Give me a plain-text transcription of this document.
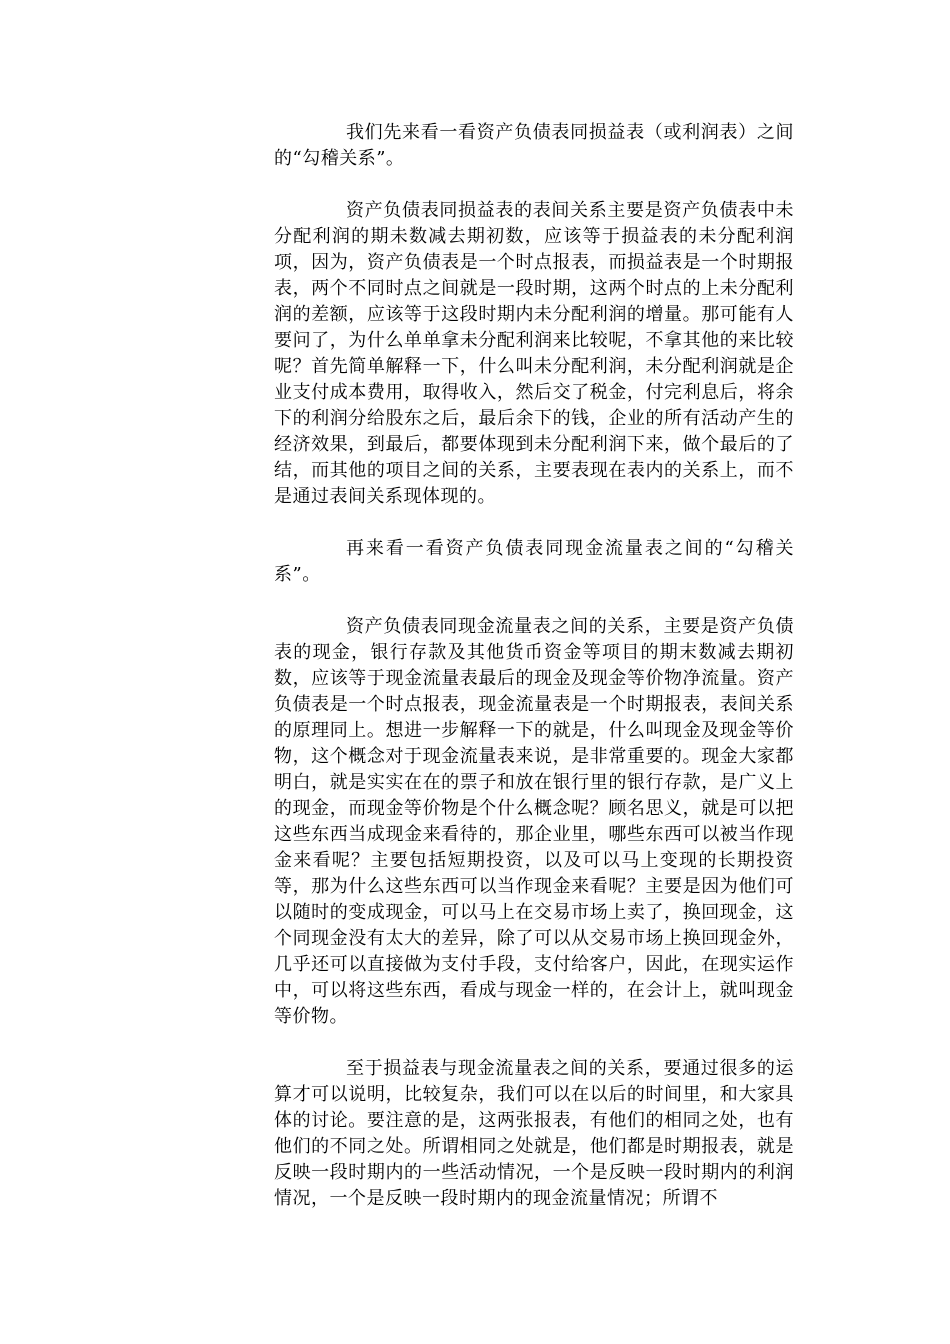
我们先来看一看资产负债表同损益表（或利润表）之间的“勾稽关系”。

资产负债表同损益表的表间关系主要是资产负债表中未分配利润的期未数减去期初数，应该等于损益表的未分配利润项，因为，资产负债表是一个时点报表，而损益表是一个时期报表，两个不同时点之间就是一段时期，这两个时点的上未分配利润的差额，应该等于这段时期内未分配利润的增量。那可能有人要问了，为什么单单拿未分配利润来比较呢，不拿其他的来比较呢？首先简单解释一下，什么叫未分配利润，未分配利润就是企业支付成本费用，取得收入，然后交了税金，付完利息后，将余下的利润分给股东之后，最后余下的钱，企业的所有活动产生的经济效果，到最后，都要体现到未分配利润下来，做个最后的了结，而其他的项目之间的关系，主要表现在表内的关系上，而不是通过表间关系现体现的。

再来看一看资产负债表同现金流量表之间的“勾稽关系”。

资产负债表同现金流量表之间的关系，主要是资产负债表的现金，银行存款及其他货币资金等项目的期末数减去期初数，应该等于现金流量表最后的现金及现金等价物净流量。资产负债表是一个时点报表，现金流量表是一个时期报表，表间关系的原理同上。想进一步解释一下的就是，什么叫现金及现金等价物，这个概念对于现金流量表来说，是非常重要的。现金大家都明白，就是实实在在的票子和放在银行里的银行存款，是广义上的现金，而现金等价物是个什么概念呢？顾名思义，就是可以把这些东西当成现金来看待的，那企业里，哪些东西可以被当作现金来看呢？主要包括短期投资，以及可以马上变现的长期投资等，那为什么这些东西可以当作现金来看呢？主要是因为他们可以随时的变成现金，可以马上在交易市场上卖了，换回现金，这个同现金没有太大的差异，除了可以从交易市场上换回现金外，几乎还可以直接做为支付手段，支付给客户，因此，在现实运作中，可以将这些东西，看成与现金一样的，在会计上，就叫现金等价物。

至于损益表与现金流量表之间的关系，要通过很多的运算才可以说明，比较复杂，我们可以在以后的时间里，和大家具体的讨论。要注意的是，这两张报表，有他们的相同之处，也有他们的不同之处。所谓相同之处就是，他们都是时期报表，就是反映一段时期内的一些活动情况，一个是反映一段时期内的利润情况，一个是反映一段时期内的现金流量情况；所谓不
